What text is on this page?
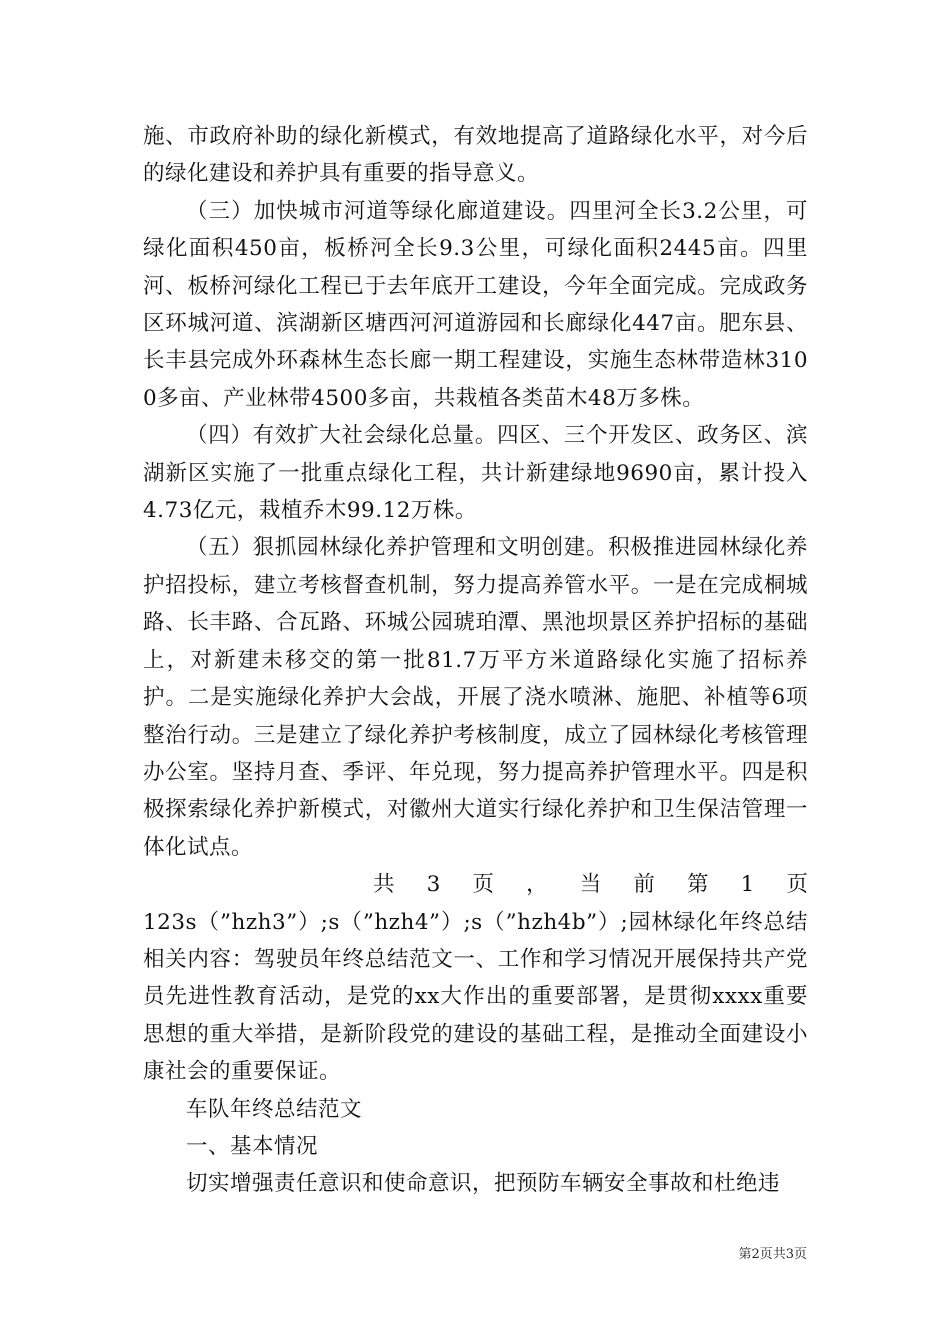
施、市政府补助的绿化新模式，有效地提高了道路绿化水平，对今后的绿化建设和养护具有重要的指导意义。

（三）加快城市河道等绿化廊道建设。四里河全长3.2公里，可绿化面积450亩，板桥河全长9.3公里，可绿化面积2445亩。四里河、板桥河绿化工程已于去年底开工建设，今年全面完成。完成政务区环城河道、滨湖新区塘西河河道游园和长廊绿化447亩。肥东县、长丰县完成外环森林生态长廊一期工程建设，实施生态林带造林3100多亩、产业林带4500多亩，共栽植各类苗木48万多株。

（四）有效扩大社会绿化总量。四区、三个开发区、政务区、滨湖新区实施了一批重点绿化工程，共计新建绿地9690亩，累计投入4.73亿元，栽植乔木99.12万株。

（五）狠抓园林绿化养护管理和文明创建。积极推进园林绿化养护招投标，建立考核督查机制，努力提高养管水平。一是在完成桐城路、长丰路、合瓦路、环城公园琥珀潭、黑池坝景区养护招标的基础上，对新建未移交的第一批81.7万平方米道路绿化实施了招标养护。二是实施绿化养护大会战，开展了浇水喷淋、施肥、补植等6项整治行动。三是建立了绿化养护考核制度，成立了园林绿化考核管理办公室。坚持月查、季评、年兑现，努力提高养护管理水平。四是积极探索绿化养护新模式，对徽州大道实行绿化养护和卫生保洁管理一体化试点。

共 3 页 ， 当 前 第 1 页

123s（”hzh3”）;s（”hzh4”）;s（”hzh4b”）;园林绿化年终总结相关内容：驾驶员年终总结范文一、工作和学习情况开展保持共产党员先进性教育活动，是党的xx大作出的重要部署，是贯彻xxxx重要思想的重大举措，是新阶段党的建设的基础工程，是推动全面建设小康社会的重要保证。

车队年终总结范文

一、基本情况

切实增强责任意识和使命意识，把预防车辆安全事故和杜绝违

第2页共3页
